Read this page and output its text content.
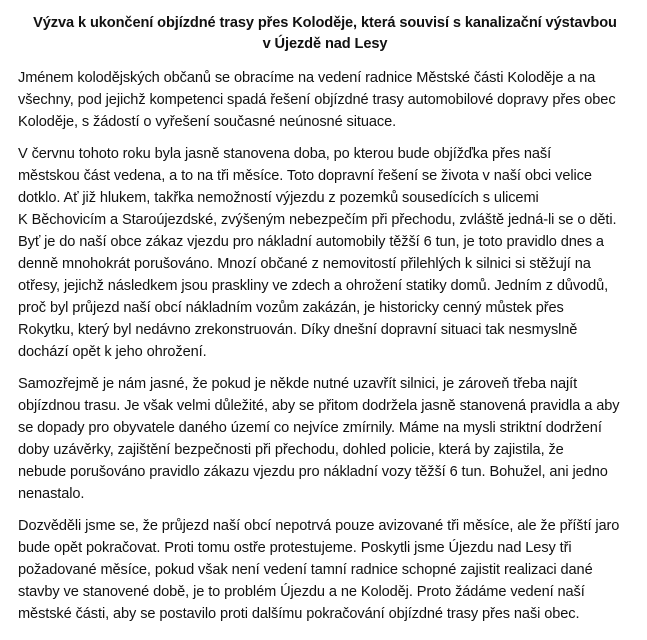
Výzva k ukončení objízdné trasy přes Koloděje, která souvisí s kanalizační výstavbou
v Újezdě nad Lesy
Jménem kolodějských občanů se obracíme na vedení radnice Městské části Koloděje a na
všechny, pod jejichž kompetenci spadá řešení objízdné trasy automobilové dopravy přes obec
Koloděje, s žádostí o vyřešení současné neúnosné situace.
V červnu tohoto roku byla jasně stanovena doba, po kterou bude objížďka přes naší
městskou část vedena, a to na tři měsíce. Toto dopravní řešení se života v naší obci velice
dotklo. Ať již hlukem, takřka nemožností výjezdu z pozemků sousedících s ulicemi
K Běchovicím a Staroújezdské, zvýšeným nebezpečím při přechodu, zvláště jedná-li se o děti.
Byť je do naší obce zákaz vjezdu pro nákladní automobily těžší 6 tun, je toto pravidlo dnes a
denně mnohokrát porušováno. Mnozí občané z nemovitostí přilehlých k silnici si stěžují na
otřesy, jejichž následkem jsou praskliny ve zdech a ohrožení statiky domů. Jedním z důvodů,
proč byl průjezd naší obcí nákladním vozům zakázán, je historicky cenný můstek přes
Rokytku, který byl nedávno zrekonstruován. Díky dnešní dopravní situaci tak nesmyslně
dochází opět k jeho ohrožení.
Samozřejmě je nám jasné, že pokud je někde nutné uzavřít silnici, je zároveň třeba najít
objízdnou trasu. Je však velmi důležité, aby se přitom dodržela jasně stanovená pravidla a aby
se dopady pro obyvatele daného území co nejvíce zmírnily. Máme na mysli striktní dodržení
doby uzávěrky, zajištění bezpečnosti při přechodu, dohled policie, která by zajistila, že
nebude porušováno pravidlo zákazu vjezdu pro nákladní vozy těžší 6 tun. Bohužel, ani jedno
nenastalo.
Dozvěděli jsme se, že průjezd naší obcí nepotrvá pouze avizované tři měsíce, ale že příští jaro
bude opět pokračovat. Proti tomu ostře protestujeme. Poskytli jsme Újezdu nad Lesy tři
požadované měsíce, pokud však není vedení tamní radnice schopné zajistit realizaci dané
stavby ve stanovené době, je to problém Újezdu a ne Koloděj. Proto žádáme vedení naší
městské části, aby se postavilo proti dalšímu pokračování objízdné trasy přes naši obec.
